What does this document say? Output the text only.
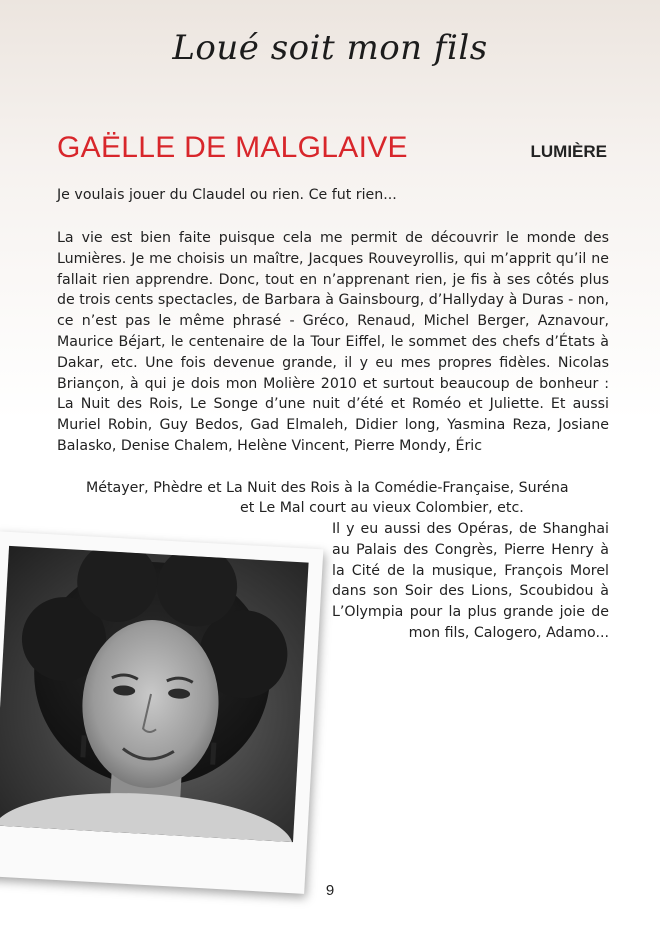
Loué soit mon fils
GAËLLE DE MALGLAIVE	LUMIÈRE

Je voulais jouer du Claudel ou rien. Ce fut rien...

La vie est bien faite puisque cela me permit de découvrir le monde des Lumières. Je me choisis un maître, Jacques Rouveyrollis, qui m’apprit qu’il ne fallait rien apprendre. Donc, tout en n’apprenant rien, je fis à ses côtés plus de trois cents spectacles, de Barbara à Gainsbourg, d’Hallyday à Duras - non, ce n’est pas le même phrasé - Gréco, Renaud, Michel Berger, Aznavour, Maurice Béjart, le centenaire de la Tour Eiffel, le sommet des chefs d’États à Dakar, etc. Une fois devenue grande, il y eu mes propres fidèles. Nicolas Briançon, à qui je dois mon Molière 2010 et surtout beaucoup de bonheur : La Nuit des Rois, Le Songe d’une nuit d’été et Roméo et Juliette. Et aussi Muriel Robin, Guy Bedos, Gad Elmaleh, Didier long, Yasmina Reza, Josiane Balasko, Denise Chalem, Helène Vincent, Pierre Mondy, Éric

Métayer, Phèdre et La Nuit des Rois à la Comédie-Française, Suréna

et Le Mal court au vieux Colombier, etc.

Il y eu aussi des Opéras, de Shanghai au Palais des Congrès, Pierre Henry à la Cité de la musique, François Morel dans son Soir des Lions, Scoubidou à L’Olympia pour la plus grande joie de mon fils, Calogero, Adamo...

9
